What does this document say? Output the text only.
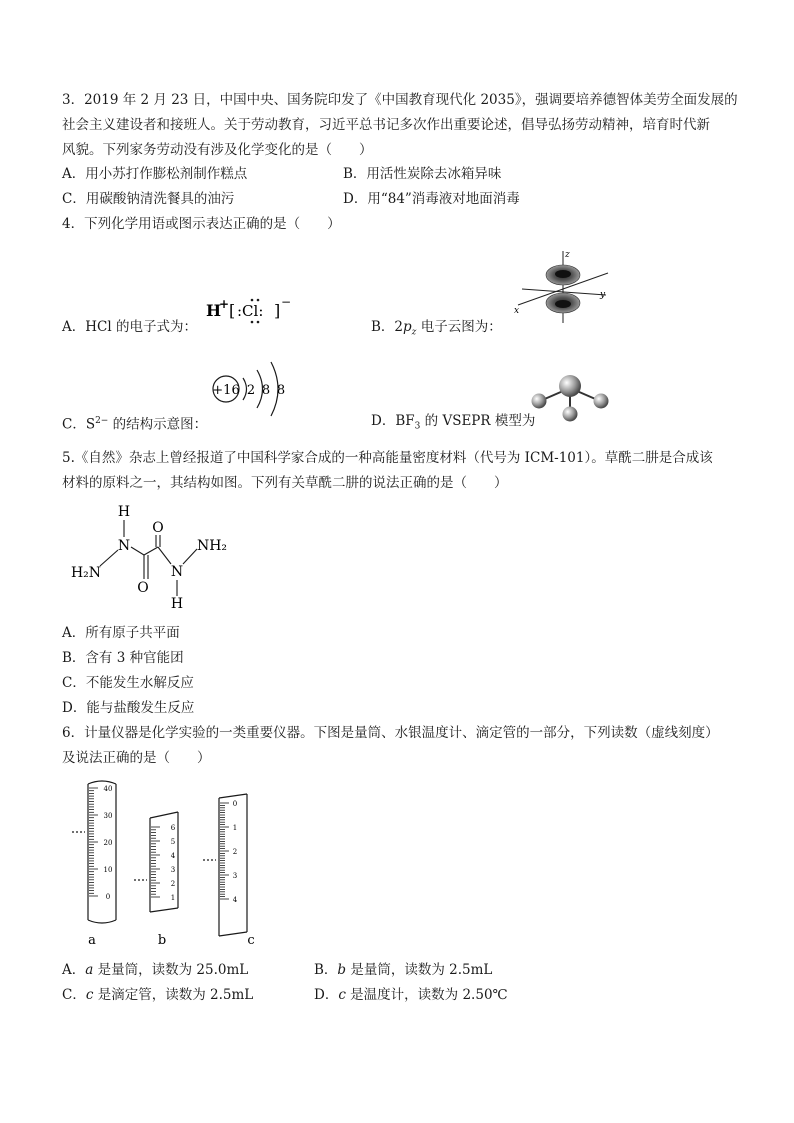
3．2019 年 2 月 23 日，中国中央、国务院印发了《中国教育现代化 2035》，强调要培养德智体美劳全面发展的
社会主义建设者和接班人。关于劳动教育，习近平总书记多次作出重要论述，倡导弘扬劳动精神，培育时代新
风貌。下列家务劳动没有涉及化学变化的是（　　）
A．用小苏打作膨松剂制作糕点	B．用活性炭除去冰箱异味
C．用碳酸钠清洗餐具的油污	D．用“84”消毒液对地面消毒
4．下列化学用语或图示表达正确的是（　　）
H
+ [ :Cl: ] −
A．HCl 的电子式为：	B．$2p_z$ 电子云图为：
z
x
y
+16 2 8 8
C．$S^{2-}$ 的结构示意图：	D．$BF_3$ 的 VSEPR 模型为
5.《自然》杂志上曾经报道了中国科学家合成的一种高能量密度材料（代号为 ICM-101）。草酰二肼是合成该
材料的原料之一，其结构如图。下列有关草酰二肼的说法正确的是（　　）
H
N	NH₂
O
H₂N
O
N
H
A．所有原子共平面
B．含有 3 种官能团
C．不能发生水解反应
D．能与盐酸发生反应
6．计量仪器是化学实验的一类重要仪器。下图是量筒、水银温度计、滴定管的一部分，下列读数（虚线刻度）
及说法正确的是（　　）
40
30
20
10
0
6
5
4
3
2
1
0
1
2
3
4
a	b	c
A．a 是量筒，读数为 25.0mL	B．b 是量筒，读数为 2.5mL
C．c 是滴定管，读数为 2.5mL	D．c 是温度计，读数为 2.50℃
